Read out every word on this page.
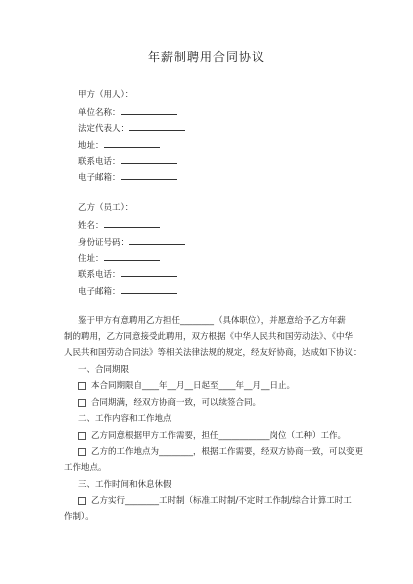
年薪制聘用合同协议
甲方（用人）：
单位名称：
法定代表人：
地址：
联系电话：
电子邮箱：
乙方（员工）：
姓名：
身份证号码：
住址：
联系电话：
电子邮箱：
鉴于甲方有意聘用乙方担任________（具体职位），并愿意给予乙方年薪
制的聘用，乙方同意接受此聘用，双方根据《中华人民共和国劳动法》、《中华
人民共和国劳动合同法》等相关法律法规的规定，经友好协商，达成如下协议：
一、合同期限
本合同期限自____年__月__日起至____年__月__日止。
合同期满，经双方协商一致，可以续签合同。
二、工作内容和工作地点
乙方同意根据甲方工作需要，担任____________岗位（工种）工作。
乙方的工作地点为________，根据工作需要，经双方协商一致，可以变更
工作地点。
三、工作时间和休息休假
乙方实行________工时制（标准工时制/不定时工作制/综合计算工时工
作制）。
